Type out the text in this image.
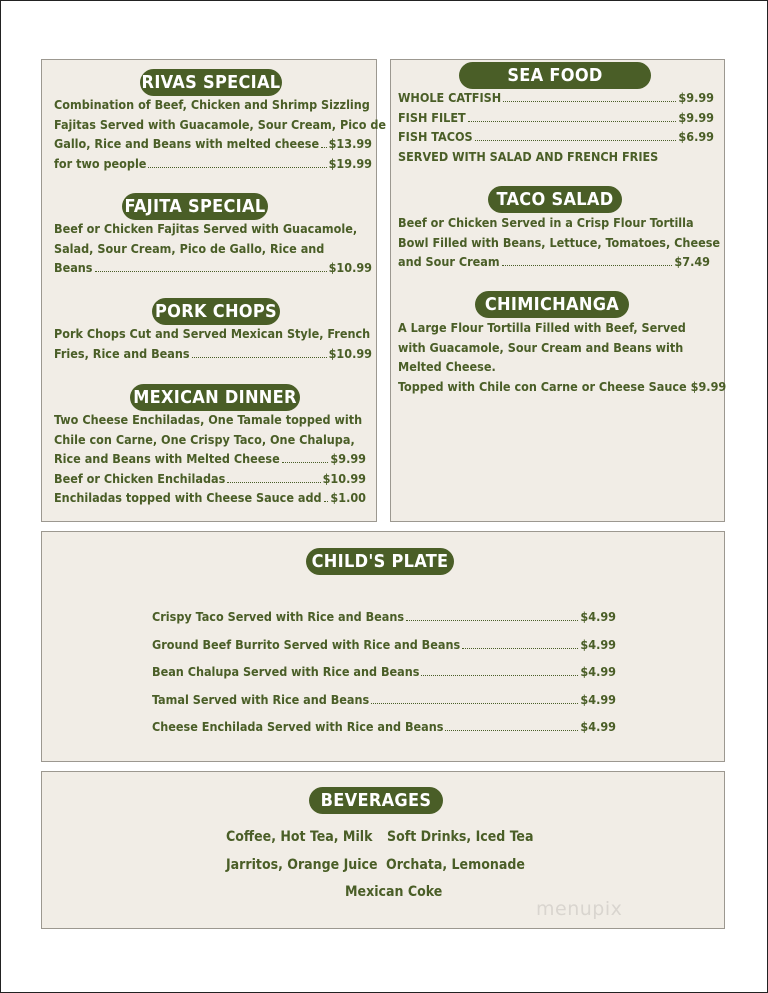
RIVAS SPECIAL
Combination of Beef, Chicken and Shrimp Sizzling
Fajitas Served with Guacamole, Sour Cream, Pico de
Gallo, Rice and Beans with melted cheese $13.99
for two people	$19.99
FAJITA SPECIAL
Beef or Chicken Fajitas Served with Guacamole,
Salad, Sour Cream, Pico de Gallo, Rice and
Beans	$10.99
PORK CHOPS
Pork Chops Cut and Served Mexican Style, French
Fries, Rice and Beans	$10.99
MEXICAN DINNER
Two Cheese Enchiladas, One Tamale topped with
Chile con Carne, One Crispy Taco, One Chalupa,
Rice and Beans with Melted Cheese	$9.99
Beef or Chicken Enchiladas	$10.99
Enchiladas topped with Cheese Sauce add $1.00
SEA FOOD
WHOLE CATFISH	$9.99
FISH FILET	$9.99
FISH TACOS	$6.99
SERVED WITH SALAD AND FRENCH FRIES
TACO SALAD
Beef or Chicken Served in a Crisp Flour Tortilla
Bowl Filled with Beans, Lettuce, Tomatoes, Cheese
and Sour Cream	$7.49
CHIMICHANGA
A Large Flour Tortilla Filled with Beef, Served
with Guacamole, Sour Cream and Beans with
Melted Cheese.
Topped with Chile con Carne or Cheese Sauce $9.99
CHILD'S PLATE
Crispy Taco Served with Rice and Beans	$4.99
Ground Beef Burrito Served with Rice and Beans	$4.99
Bean Chalupa Served with Rice and Beans	$4.99
Tamal Served with Rice and Beans	$4.99
Cheese Enchilada Served with Rice and Beans	$4.99
BEVERAGES
Coffee, Hot Tea, Milk Soft Drinks, Iced Tea
Jarritos, Orange Juice Orchata, Lemonade
Mexican Coke
menupix
